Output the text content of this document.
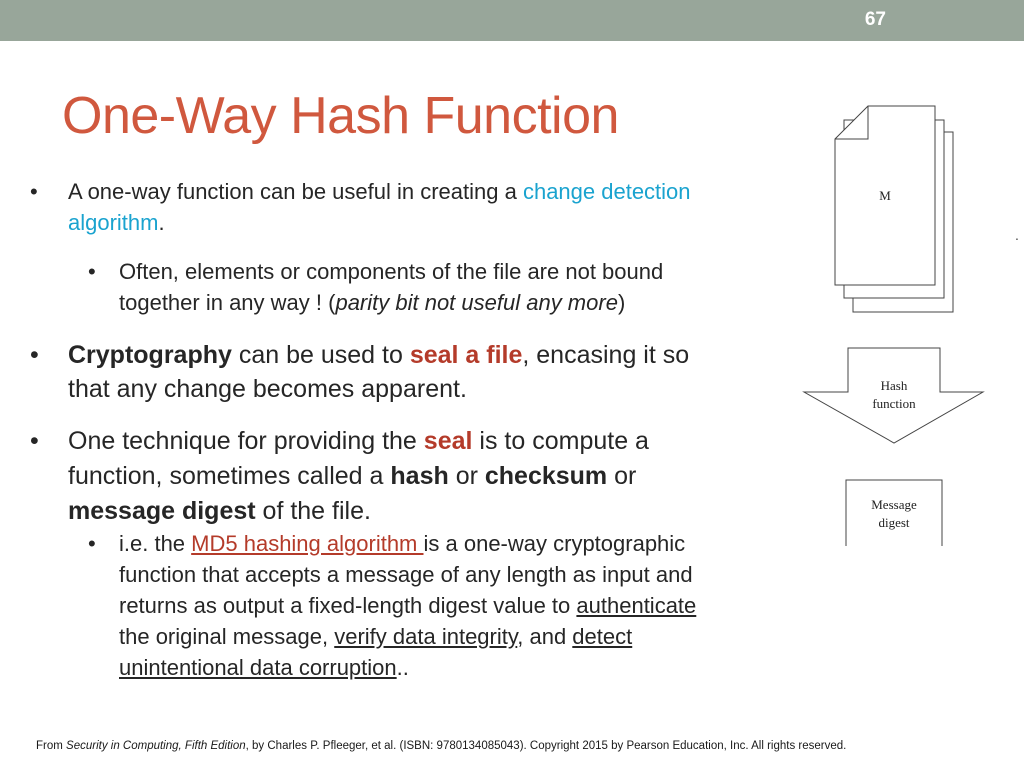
67
One-Way Hash Function
• A one-way function can be useful in creating a change detection
algorithm.
• Often, elements or components of the file are not bound
together in any way ! (parity bit not useful any more)
• Cryptography can be used to seal a file, encasing it so
that any change becomes apparent.
• One technique for providing the seal is to compute a
function, sometimes called a hash or checksum or
message digest of the file.
• i.e. the MD5 hashing algorithm is a one-way cryptographic
function that accepts a message of any length as input and
returns as output a fixed-length digest value to authenticate
the original message, verify data integrity, and detect
unintentional data corruption..
M
.
Hash
function
Message
digest
From Security in Computing, Fifth Edition, by Charles P. Pfleeger, et al. (ISBN: 9780134085043). Copyright 2015 by Pearson Education, Inc. All rights reserved.
